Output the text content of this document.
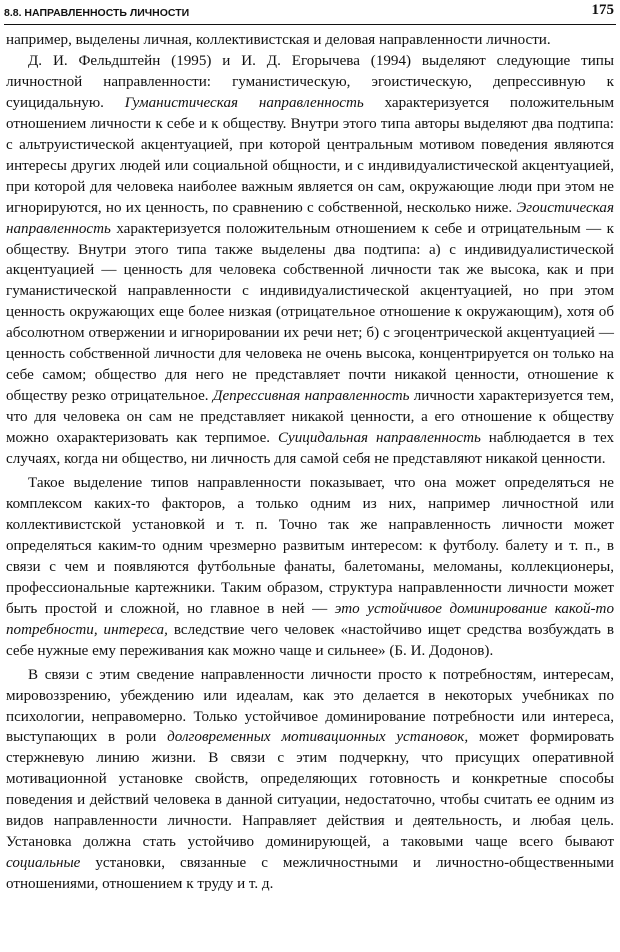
8.8. НАПРАВЛЕННОСТЬ ЛИЧНОСТИ	175

например, выделены личная, коллективистская и деловая направленности личности.

Д. И. Фельдштейн (1995) и И. Д. Егорычева (1994) выделяют следующие типы личностной направленности: гуманистическую, эгоистическую, депрессивную к суицидальную. Гуманистическая направленность характеризуется положительным отношением личности к себе и к обществу. Внутри этого типа авторы выделяют два подтипа: с альтруистической акцентуацией, при которой центральным мотивом поведения являются интересы других людей или социальной общности, и с индивидуалистической акцентуацией, при которой для человека наиболее важным является он сам, окружающие люди при этом не игнорируются, но их ценность, по сравнению с собственной, несколько ниже. Эгоистическая направленность характеризуется положительным отношением к себе и отрицательным — к обществу. Внутри этого типа также выделены два подтипа: а) с индивидуалистической акцентуацией — ценность для человека собственной личности так же высока, как и при гуманистической направленности с индивидуалистической акцентуацией, но при этом ценность окружающих еще более низкая (отрицательное отношение к окружающим), хотя об абсолютном отвержении и игнорировании их речи нет; б) с эгоцентрической акцентуацией — ценность собственной личности для человека не очень высока, концентрируется он только на себе самом; общество для него не представляет почти никакой ценности, отношение к обществу резко отрицательное. Депрессивная направленность личности характеризуется тем, что для человека он сам не представляет никакой ценности, а его отношение к обществу можно охарактеризовать как терпимое. Суицидальная направленность наблюдается в тех случаях, когда ни общество, ни личность для самой себя не представляют никакой ценности.

Такое выделение типов направленности показывает, что она может определяться не комплексом каких-то факторов, а только одним из них, например личностной или коллективистской установкой и т. п. Точно так же направленность личности может определяться каким-то одним чрезмерно развитым интересом: к футболу. балету и т. п., в связи с чем и появляются футбольные фанаты, балетоманы, меломаны, коллекционеры, профессиональные картежники. Таким образом, структура направленности личности может быть простой и сложной, но главное в ней — это устойчивое доминирование какой-то потребности, интереса, вследствие чего человек «настойчиво ищет средства возбуждать в себе нужные ему переживания как можно чаще и сильнее» (Б. И. Додонов).

В связи с этим сведение направленности личности просто к потребностям, интересам, мировоззрению, убеждению или идеалам, как это делается в некоторых учебниках по психологии, неправомерно. Только устойчивое доминирование потребности или интереса, выступающих в роли долговременных мотивационных установок, может формировать стержневую линию жизни. В связи с этим подчеркну, что присущих оперативной мотивационной установке свойств, определяющих готовность и конкретные способы поведения и действий человека в данной ситуации, недостаточно, чтобы считать ее одним из видов направленности личности. Направляет действия и деятельность, и любая цель. Установка должна стать устойчиво доминирующей, а таковыми чаще всего бывают социальные установки, связанные с межличностными и личностно-общественными отношениями, отношением к труду и т. д.
